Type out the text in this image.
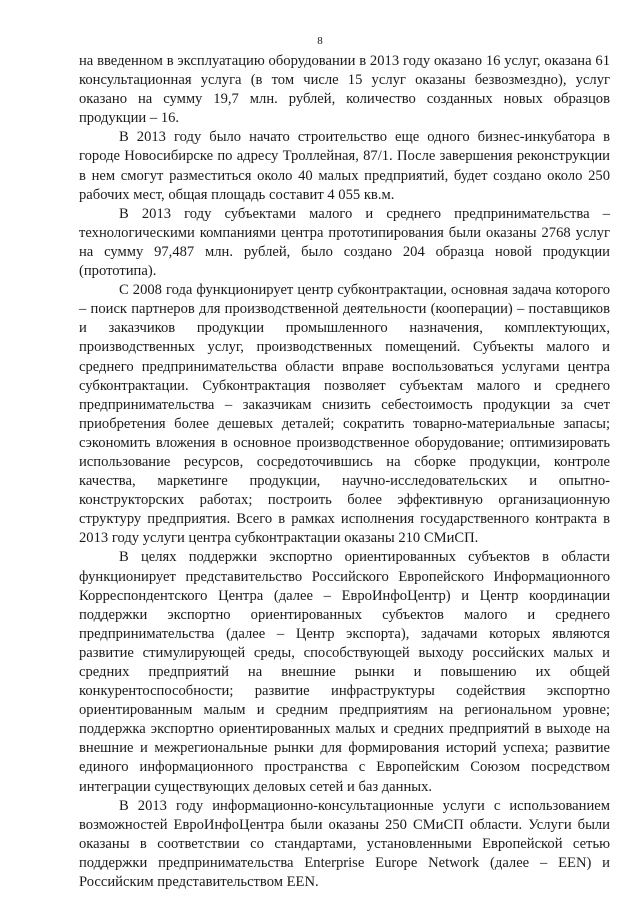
8

на введенном в эксплуатацию оборудовании в 2013 году оказано 16 услуг, оказана 61 консультационная услуга (в том числе 15 услуг оказаны безвозмездно), услуг оказано на сумму 19,7 млн. рублей, количество созданных новых образцов продукции – 16.

В 2013 году было начато строительство еще одного бизнес-инкубатора в городе Новосибирске по адресу Троллейная, 87/1. После завершения реконструкции в нем смогут разместиться около 40 малых предприятий, будет создано около 250 рабочих мест, общая площадь составит 4 055 кв.м.

В 2013 году субъектами малого и среднего предпринимательства – технологическими компаниями центра прототипирования были оказаны 2768 услуг на сумму 97,487 млн. рублей, было создано 204 образца новой продукции (прототипа).

С 2008 года функционирует центр субконтрактации, основная задача которого – поиск партнеров для производственной деятельности (кооперации) – поставщиков и заказчиков продукции промышленного назначения, комплектующих, производственных услуг, производственных помещений. Субъекты малого и среднего предпринимательства области вправе воспользоваться услугами центра субконтрактации. Субконтрактация позволяет субъектам малого и среднего предпринимательства – заказчикам снизить себестоимость продукции за счет приобретения более дешевых деталей; сократить товарно-материальные запасы; сэкономить вложения в основное производственное оборудование; оптимизировать использование ресурсов, сосредоточившись на сборке продукции, контроле качества, маркетинге продукции, научно-исследовательских и опытно-конструкторских работах; построить более эффективную организационную структуру предприятия. Всего в рамках исполнения государственного контракта в 2013 году услуги центра субконтрактации оказаны 210 СМиСП.

В целях поддержки экспортно ориентированных субъектов в области функционирует представительство Российского Европейского Информационного Корреспондентского Центра (далее – ЕвроИнфоЦентр) и Центр координации поддержки экспортно ориентированных субъектов малого и среднего предпринимательства (далее – Центр экспорта), задачами которых являются развитие стимулирующей среды, способствующей выходу российских малых и средних предприятий на внешние рынки и повышению их общей конкурентоспособности; развитие инфраструктуры содействия экспортно ориентированным малым и средним предприятиям на региональном уровне; поддержка экспортно ориентированных малых и средних предприятий в выходе на внешние и межрегиональные рынки для формирования историй успеха; развитие единого информационного пространства с Европейским Союзом посредством интеграции существующих деловых сетей и баз данных.

В 2013 году информационно-консультационные услуги с использованием возможностей ЕвроИнфоЦентра были оказаны 250 СМиСП области. Услуги были оказаны в соответствии со стандартами, установленными Европейской сетью поддержки предпринимательства Enterprise Europe Network (далее – EEN) и Российским представительством EEN.
